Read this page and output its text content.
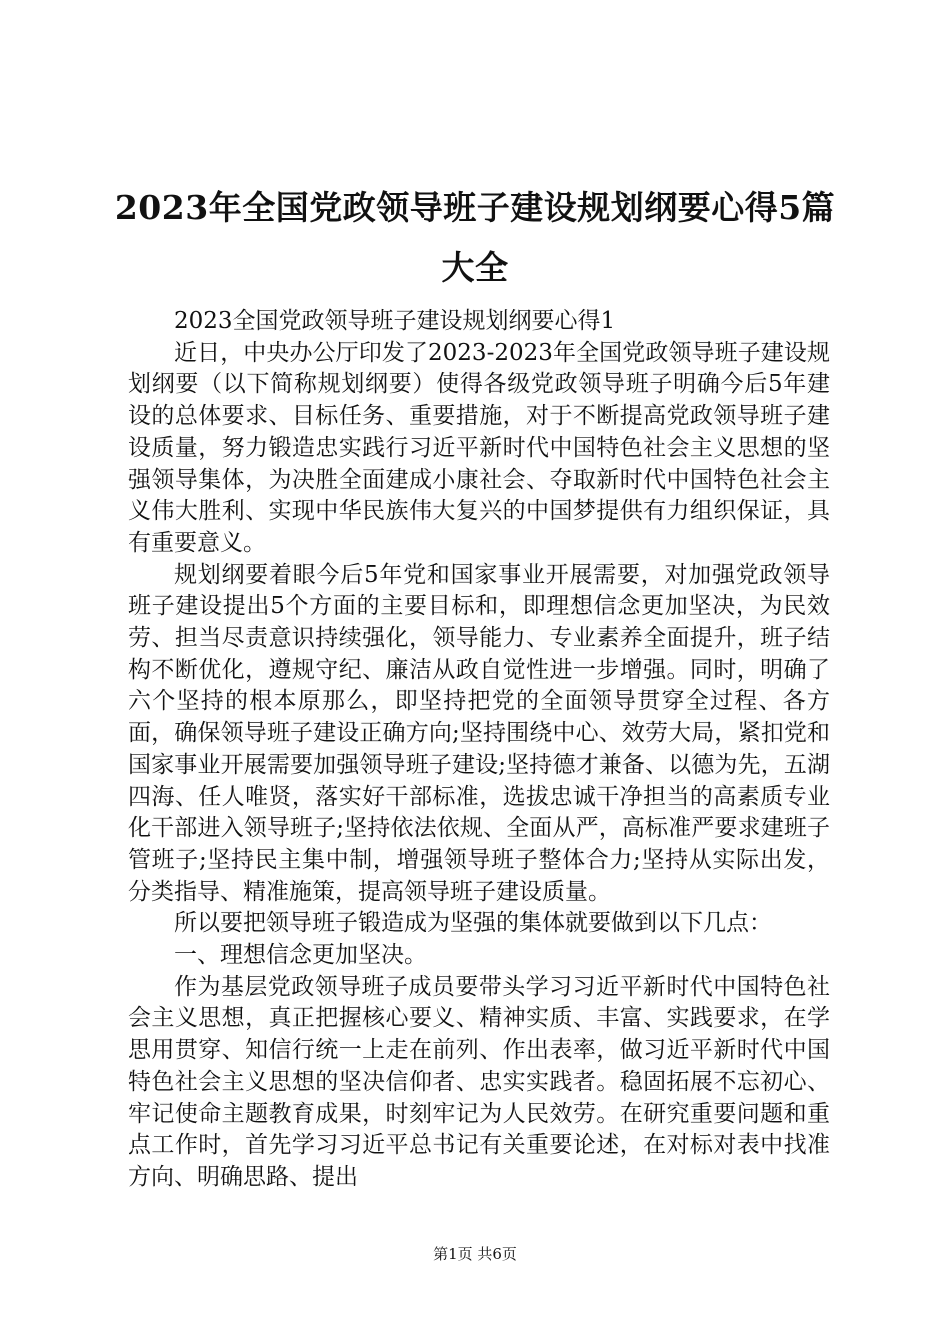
2023年全国党政领导班子建设规划纲要心得5篇大全

2023全国党政领导班子建设规划纲要心得1

近日，中央办公厅印发了2023-2023年全国党政领导班子建设规划纲要（以下简称规划纲要）使得各级党政领导班子明确今后5年建设的总体要求、目标任务、重要措施，对于不断提高党政领导班子建设质量，努力锻造忠实践行习近平新时代中国特色社会主义思想的坚强领导集体，为决胜全面建成小康社会、夺取新时代中国特色社会主义伟大胜利、实现中华民族伟大复兴的中国梦提供有力组织保证，具有重要意义。

规划纲要着眼今后5年党和国家事业开展需要，对加强党政领导班子建设提出5个方面的主要目标和，即理想信念更加坚决，为民效劳、担当尽责意识持续强化，领导能力、专业素养全面提升，班子结构不断优化，遵规守纪、廉洁从政自觉性进一步增强。同时，明确了六个坚持的根本原那么，即坚持把党的全面领导贯穿全过程、各方面，确保领导班子建设正确方向;坚持围绕中心、效劳大局，紧扣党和国家事业开展需要加强领导班子建设;坚持德才兼备、以德为先，五湖四海、任人唯贤，落实好干部标准，选拔忠诚干净担当的高素质专业化干部进入领导班子;坚持依法依规、全面从严，高标准严要求建班子管班子;坚持民主集中制，增强领导班子整体合力;坚持从实际出发，分类指导、精准施策，提高领导班子建设质量。

所以要把领导班子锻造成为坚强的集体就要做到以下几点：

一、理想信念更加坚决。

作为基层党政领导班子成员要带头学习习近平新时代中国特色社会主义思想，真正把握核心要义、精神实质、丰富、实践要求，在学思用贯穿、知信行统一上走在前列、作出表率，做习近平新时代中国特色社会主义思想的坚决信仰者、忠实实践者。稳固拓展不忘初心、牢记使命主题教育成果，时刻牢记为人民效劳。在研究重要问题和重点工作时，首先学习习近平总书记有关重要论述，在对标对表中找准方向、明确思路、提出

第1页 共6页
